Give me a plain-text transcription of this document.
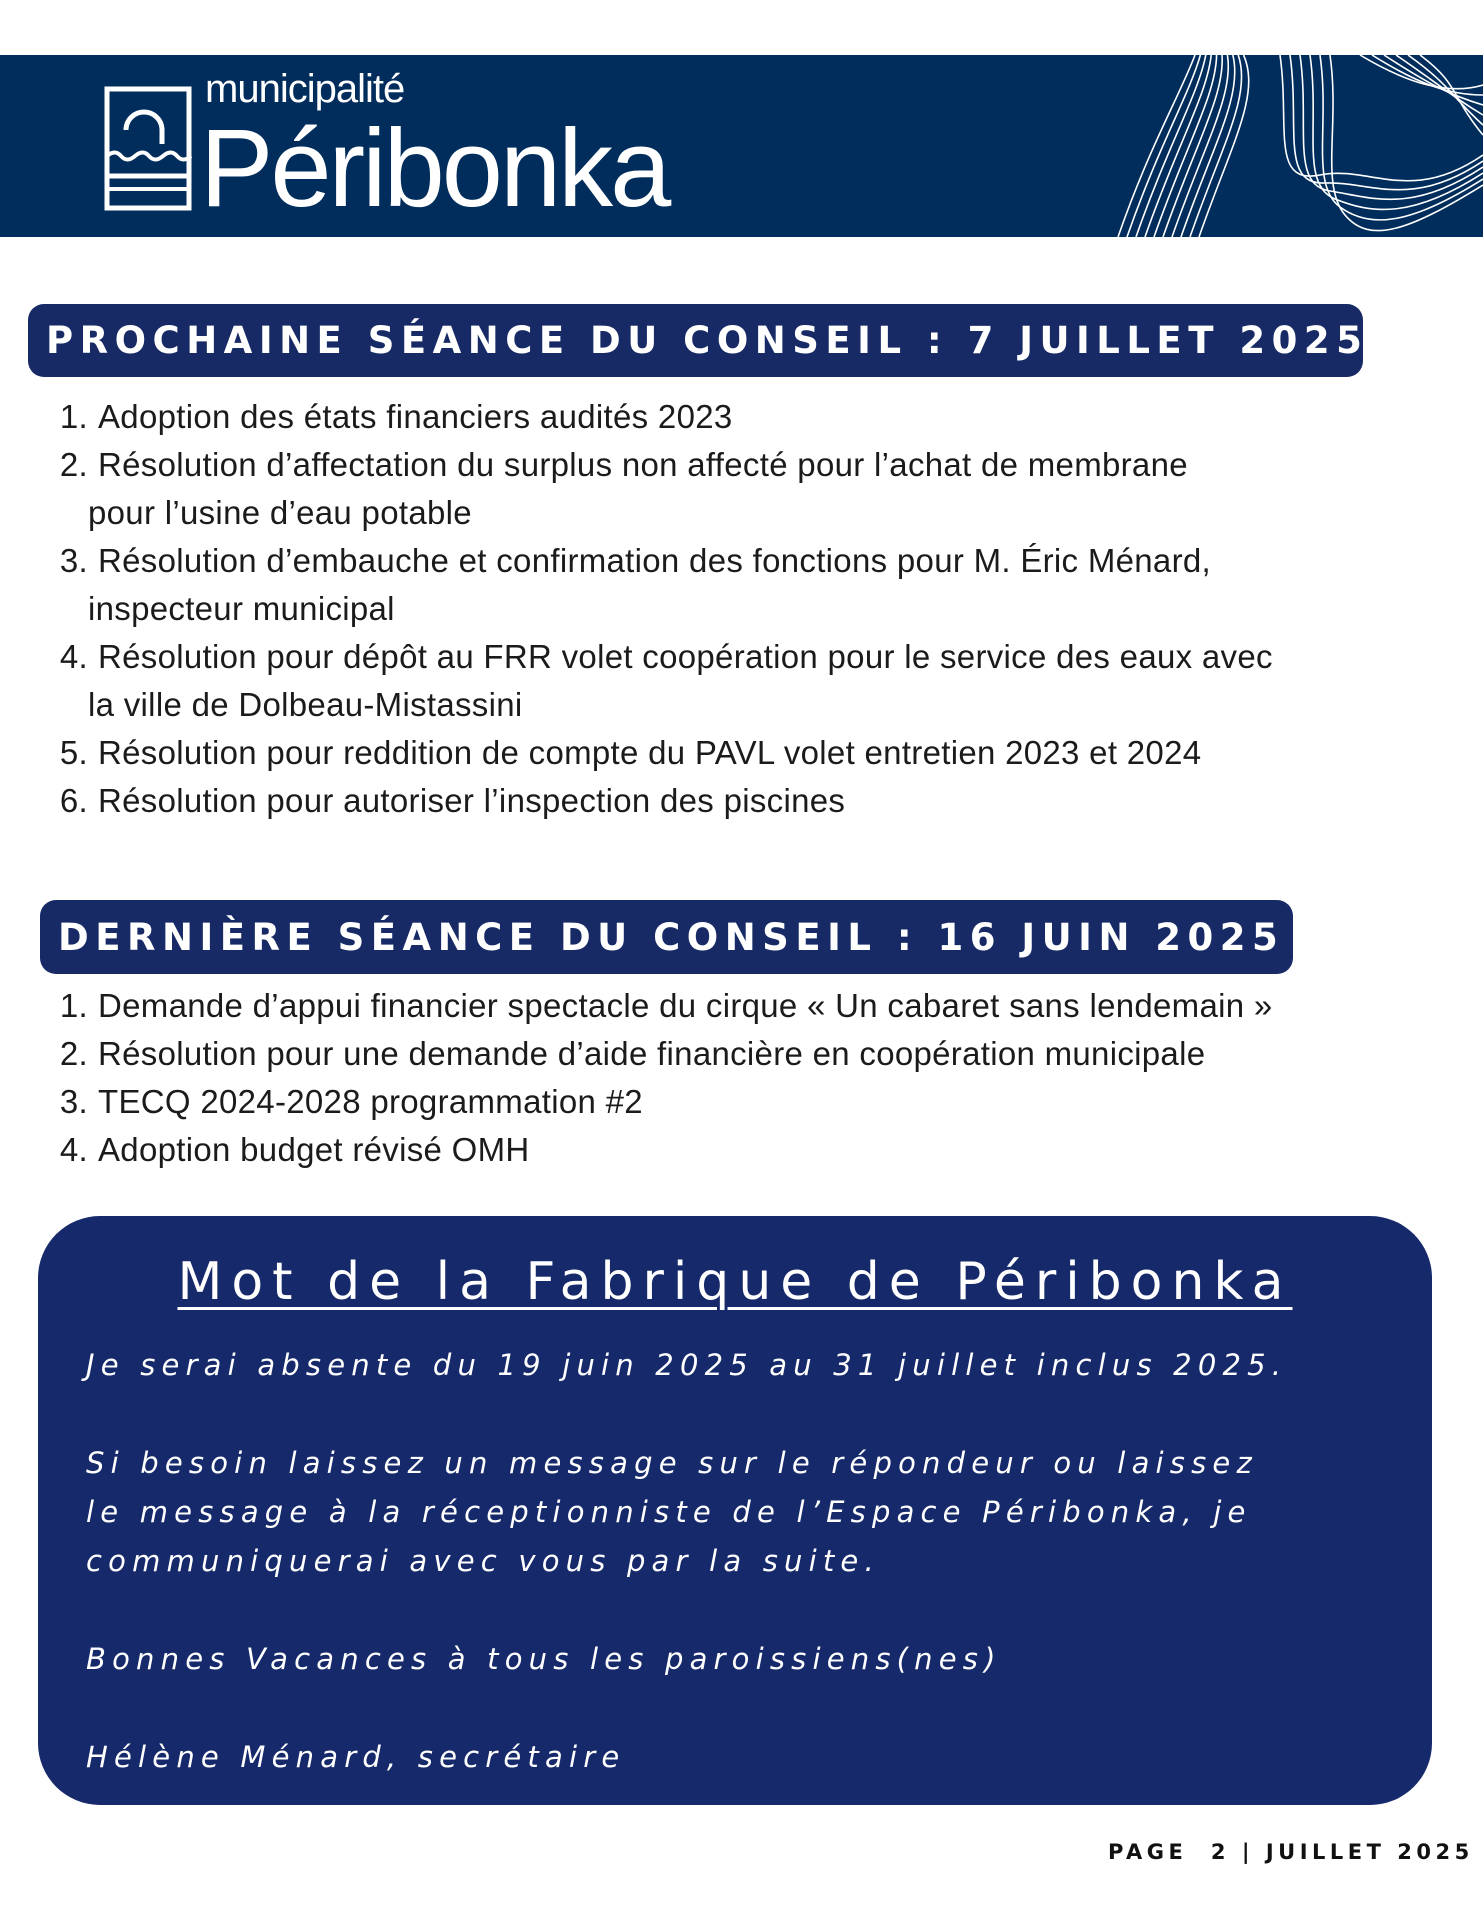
municipalité
Péribonka
PROCHAINE SÉANCE DU CONSEIL : 7 JUILLET 2025
1. Adoption des états financiers audités 2023
2. Résolution d’affectation du surplus non affecté pour l’achat de membrane
pour l’usine d’eau potable
3. Résolution d’embauche et confirmation des fonctions pour M. Éric Ménard,
inspecteur municipal
4. Résolution pour dépôt au FRR volet coopération pour le service des eaux avec
la ville de Dolbeau-Mistassini
5. Résolution pour reddition de compte du PAVL volet entretien 2023 et 2024
6. Résolution pour autoriser l’inspection des piscines
DERNIÈRE SÉANCE DU CONSEIL : 16 JUIN 2025
1. Demande d’appui financier spectacle du cirque « Un cabaret sans lendemain »
2. Résolution pour une demande d’aide financière en coopération municipale
3. TECQ 2024-2028 programmation #2
4. Adoption budget révisé OMH
Mot de la Fabrique de Péribonka
Je serai absente du 19 juin 2025 au 31 juillet inclus 2025.
Si besoin laissez un message sur le répondeur ou laissez
le message à la réceptionniste de l’Espace Péribonka, je
communiquerai avec vous par la suite.
Bonnes Vacances à tous les paroissiens(nes)
Hélène Ménard, secrétaire
PAGE  2 | JUILLET 2025
